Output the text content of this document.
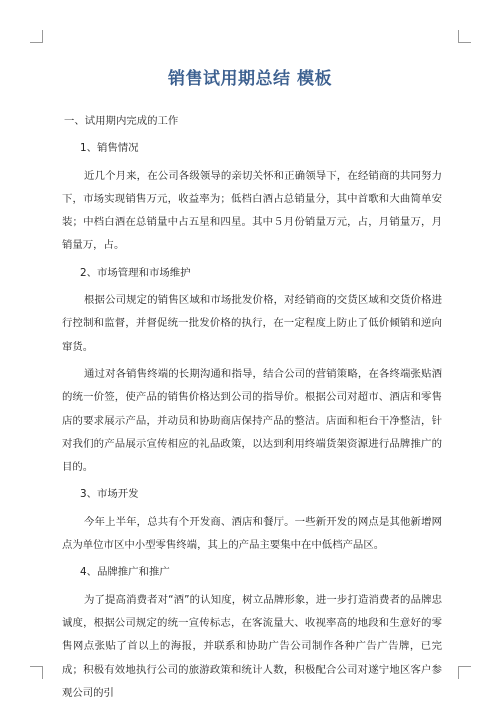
销售试用期总结 模板

一、试用期内完成的工作

1、销售情况

近几个月来，在公司各级领导的亲切关怀和正确领导下，在经销商的共同努力下，市场实现销售万元，收益率为；低档白酒占总销量分，其中首歌和大曲简单安装；中档白酒在总销量中占五星和四星。其中５月份销量万元，占，月销量万，月销量万，占。

2、市场管理和市场维护

根据公司规定的销售区域和市场批发价格，对经销商的交货区域和交货价格进行控制和监督，并督促统一批发价格的执行，在一定程度上防止了低价倾销和逆向窜货。

通过对各销售终端的长期沟通和指导，结合公司的营销策略，在各终端张贴酒的统一价签，使产品的销售价格达到公司的指导价。根据公司对超市、酒店和零售店的要求展示产品，并动员和协助商店保持产品的整洁。店面和柜台干净整洁，针对我们的产品展示宣传相应的礼品政策，以达到利用终端货架资源进行品牌推广的目的。

3、市场开发

今年上半年，总共有个开发商、酒店和餐厅。一些新开发的网点是其他新增网点为单位市区中小型零售终端，其上的产品主要集中在中低档产品区。

4、品牌推广和推广

为了提高消费者对“酒”的认知度，树立品牌形象，进一步打造消费者的品牌忠诚度，根据公司规定的统一宣传标志，在客流量大、收视率高的地段和生意好的零售网点张贴了首以上的海报，并联系和协助广告公司制作各种广告广告牌，已完成；积极有效地执行公司的旅游政策和统计人数，积极配合公司对遂宁地区客户参观公司的引
